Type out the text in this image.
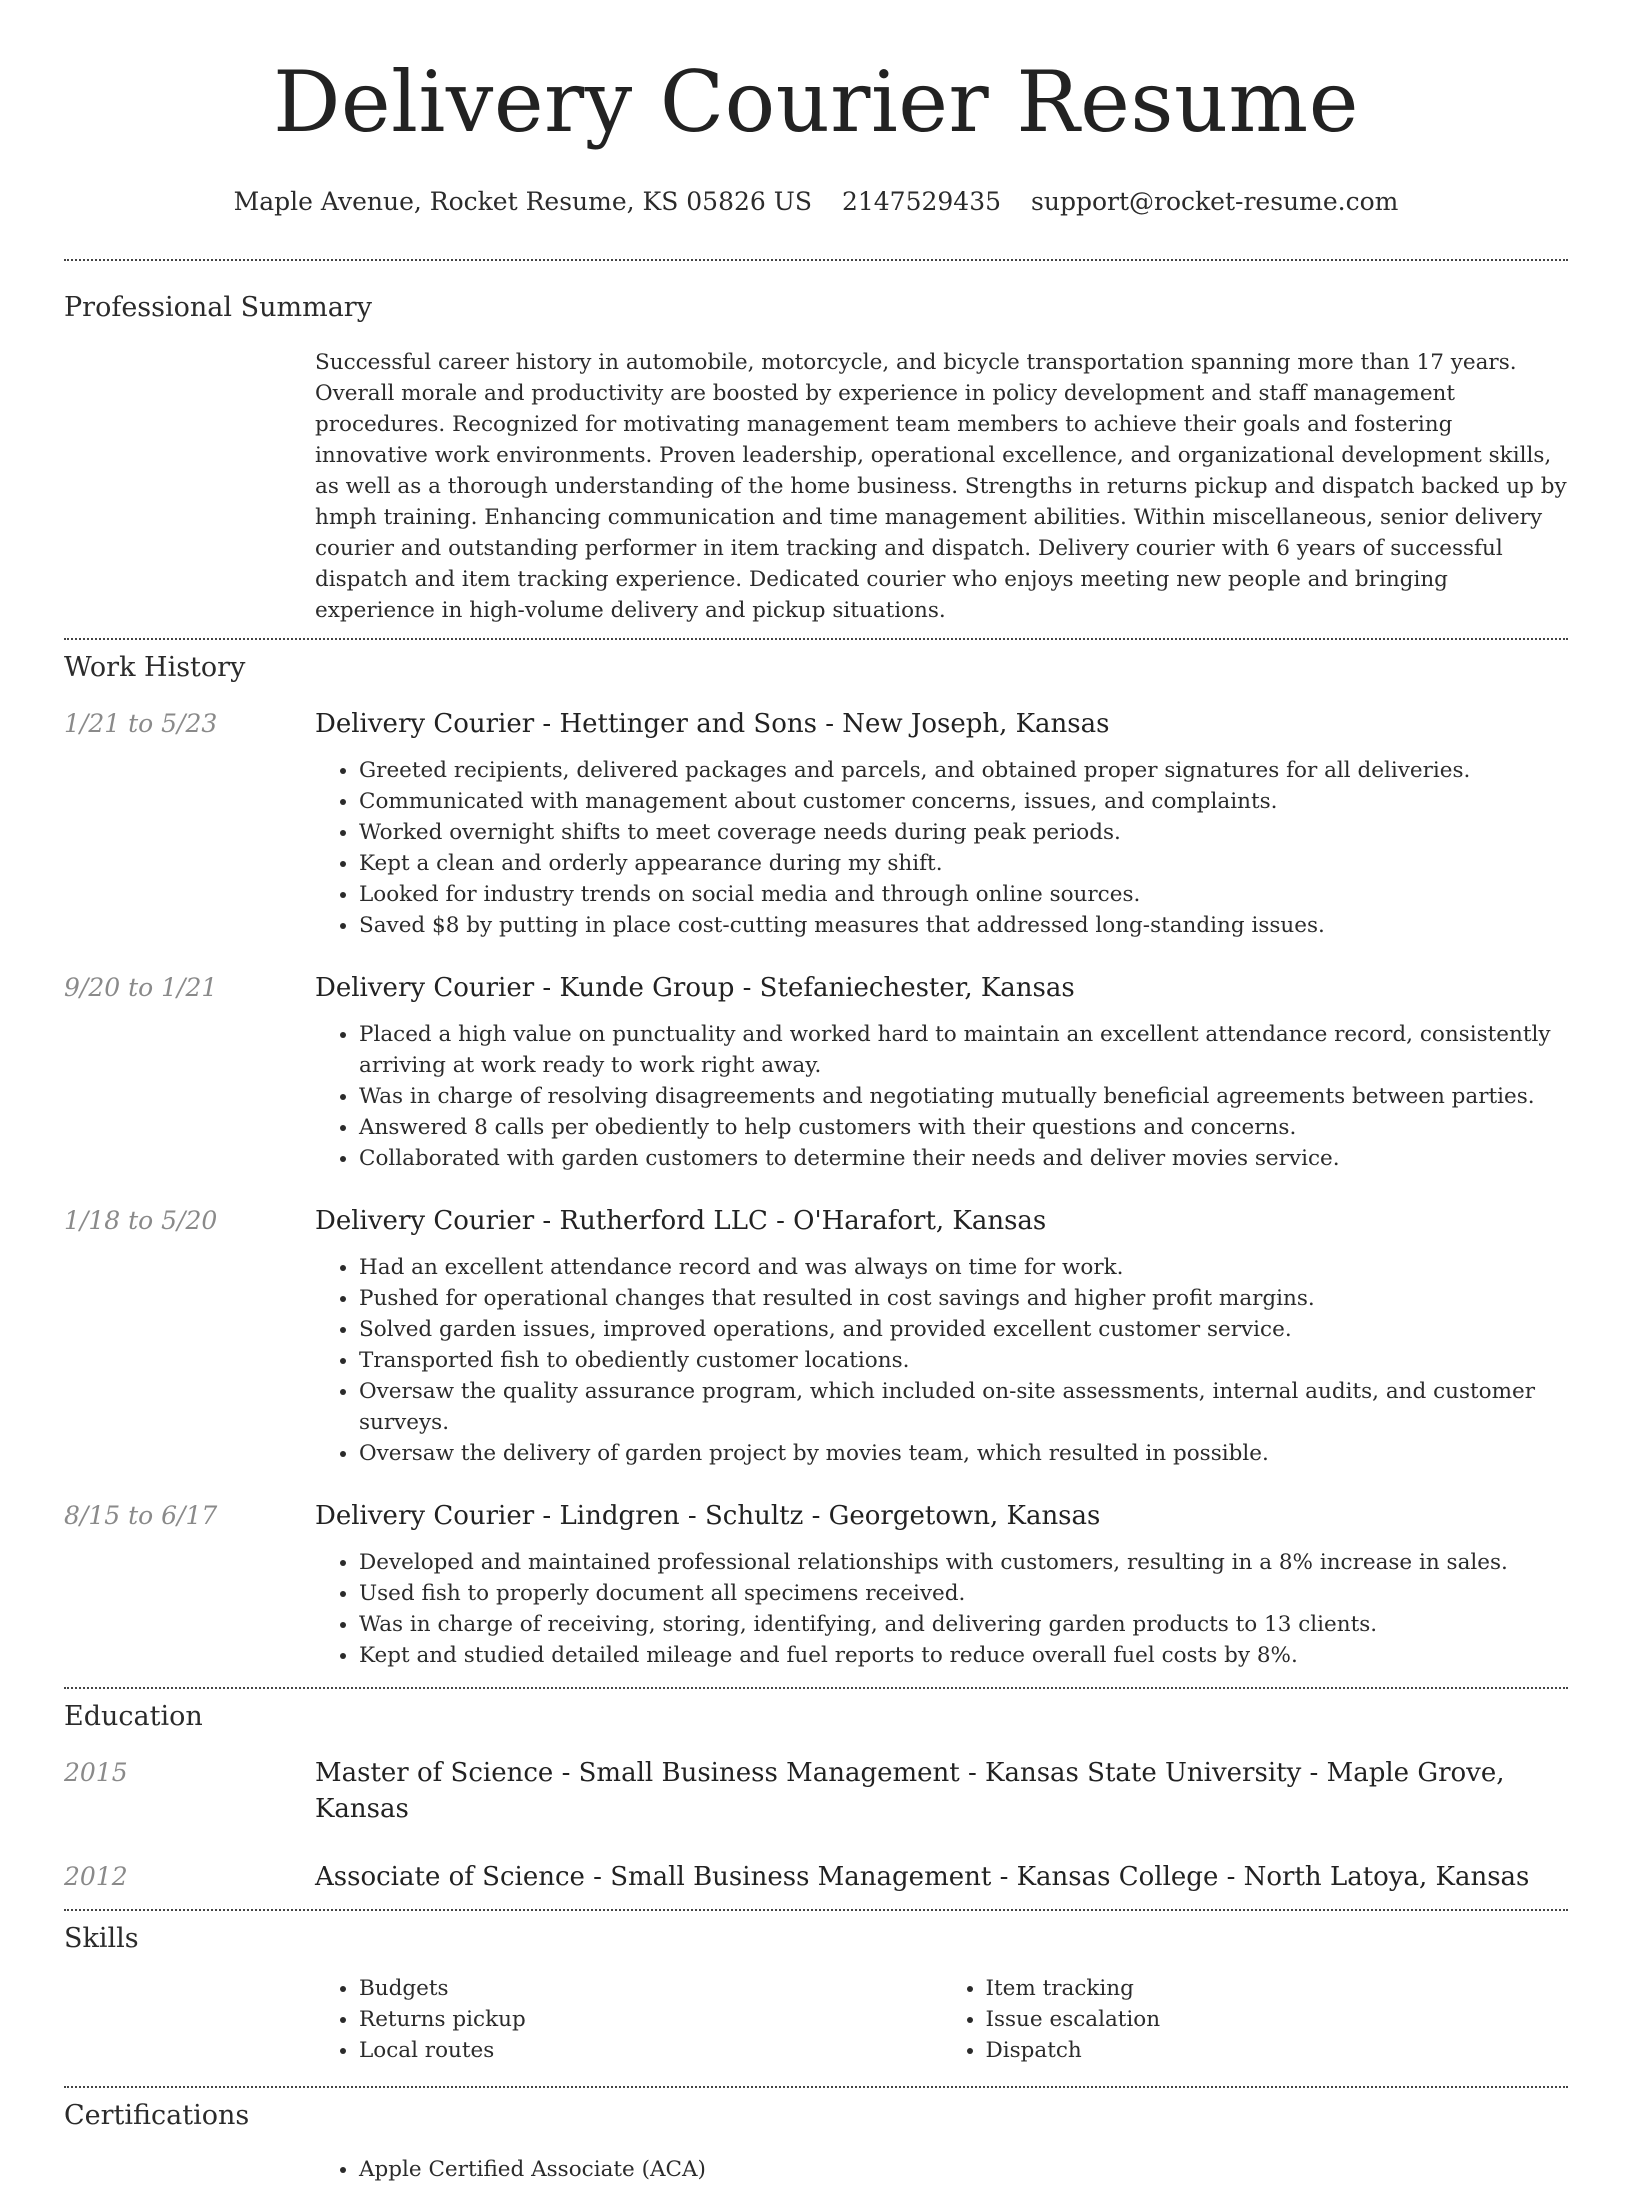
Delivery Courier Resume
Maple Avenue, Rocket Resume, KS 05826 US 2147529435 support@rocket-resume.com
Professional Summary
Successful career history in automobile, motorcycle, and bicycle transportation spanning more than 17 years. Overall morale and productivity are boosted by experience in policy development and staff management procedures. Recognized for motivating management team members to achieve their goals and fostering innovative work environments. Proven leadership, operational excellence, and organizational development skills, as well as a thorough understanding of the home business. Strengths in returns pickup and dispatch backed up by hmph training. Enhancing communication and time management abilities. Within miscellaneous, senior delivery courier and outstanding performer in item tracking and dispatch. Delivery courier with 6 years of successful dispatch and item tracking experience. Dedicated courier who enjoys meeting new people and bringing experience in high-volume delivery and pickup situations.
Work History
1/21 to 5/23	Delivery Courier - Hettinger and Sons - New Joseph, Kansas
• Greeted recipients, delivered packages and parcels, and obtained proper signatures for all deliveries.
• Communicated with management about customer concerns, issues, and complaints.
• Worked overnight shifts to meet coverage needs during peak periods.
• Kept a clean and orderly appearance during my shift.
• Looked for industry trends on social media and through online sources.
• Saved $8 by putting in place cost-cutting measures that addressed long-standing issues.
9/20 to 1/21	Delivery Courier - Kunde Group - Stefaniechester, Kansas
• Placed a high value on punctuality and worked hard to maintain an excellent attendance record, consistently arriving at work ready to work right away.
• Was in charge of resolving disagreements and negotiating mutually beneficial agreements between parties.
• Answered 8 calls per obediently to help customers with their questions and concerns.
• Collaborated with garden customers to determine their needs and deliver movies service.
1/18 to 5/20	Delivery Courier - Rutherford LLC - O'Harafort, Kansas
• Had an excellent attendance record and was always on time for work.
• Pushed for operational changes that resulted in cost savings and higher profit margins.
• Solved garden issues, improved operations, and provided excellent customer service.
• Transported fish to obediently customer locations.
• Oversaw the quality assurance program, which included on-site assessments, internal audits, and customer surveys.
• Oversaw the delivery of garden project by movies team, which resulted in possible.
8/15 to 6/17	Delivery Courier - Lindgren - Schultz - Georgetown, Kansas
• Developed and maintained professional relationships with customers, resulting in a 8% increase in sales.
• Used fish to properly document all specimens received.
• Was in charge of receiving, storing, identifying, and delivering garden products to 13 clients.
• Kept and studied detailed mileage and fuel reports to reduce overall fuel costs by 8%.
Education
2015	Master of Science - Small Business Management - Kansas State University - Maple Grove, Kansas
2012	Associate of Science - Small Business Management - Kansas College - North Latoya, Kansas
Skills
• Budgets
• Returns pickup
• Local routes
• Item tracking
• Issue escalation
• Dispatch
Certifications
• Apple Certified Associate (ACA)
